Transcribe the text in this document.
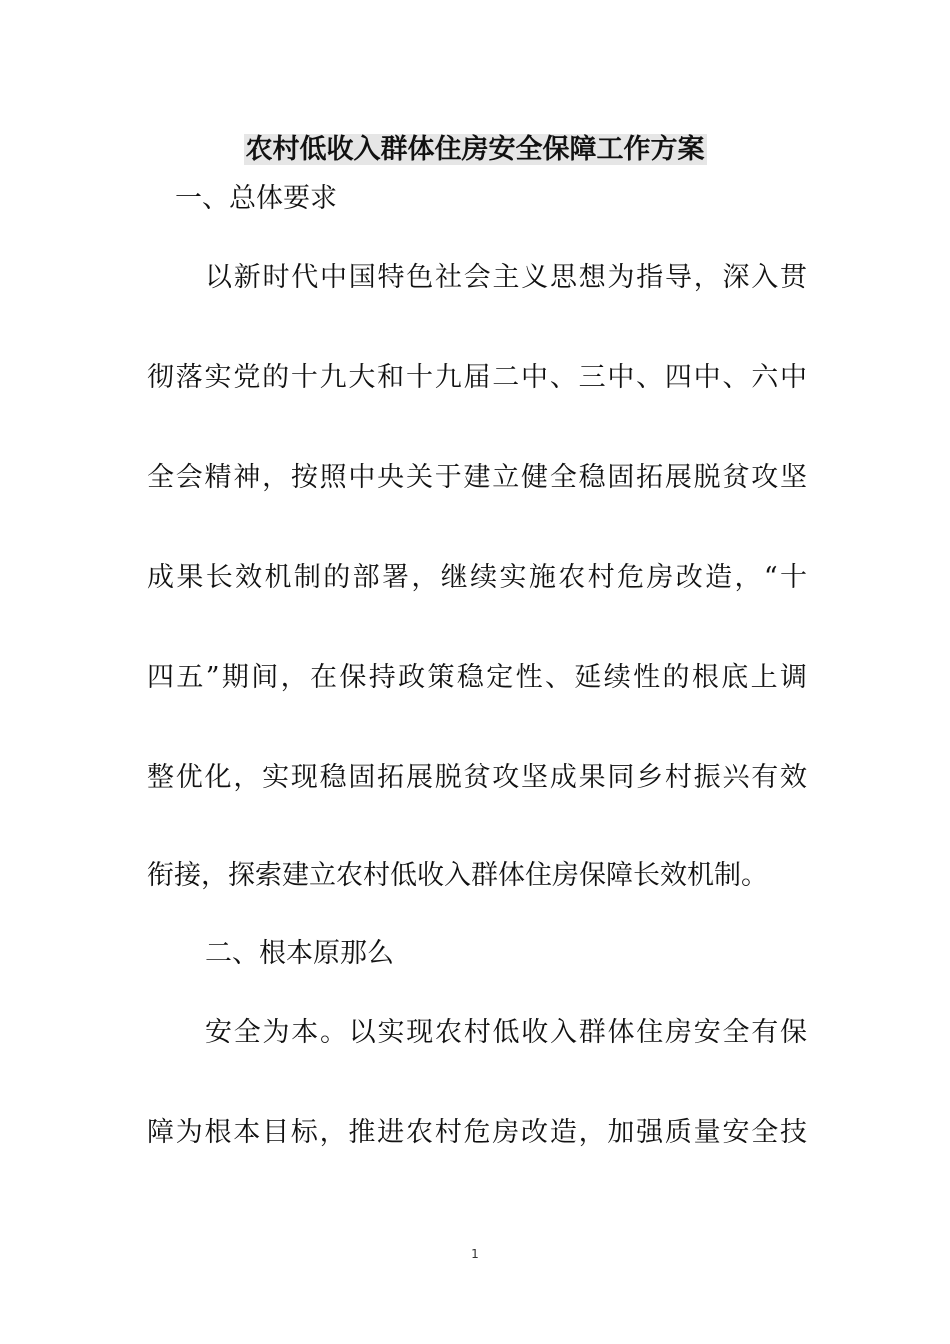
农村低收入群体住房安全保障工作方案
一、总体要求
以新时代中国特色社会主义思想为指导，深入贯
彻落实党的十九大和十九届二中、三中、四中、六中
全会精神，按照中央关于建立健全稳固拓展脱贫攻坚
成果长效机制的部署，继续实施农村危房改造，“十
四五”期间，在保持政策稳定性、延续性的根底上调
整优化，实现稳固拓展脱贫攻坚成果同乡村振兴有效
衔接，探索建立农村低收入群体住房保障长效机制。
二、根本原那么
安全为本。以实现农村低收入群体住房安全有保
障为根本目标，推进农村危房改造，加强质量安全技
1
